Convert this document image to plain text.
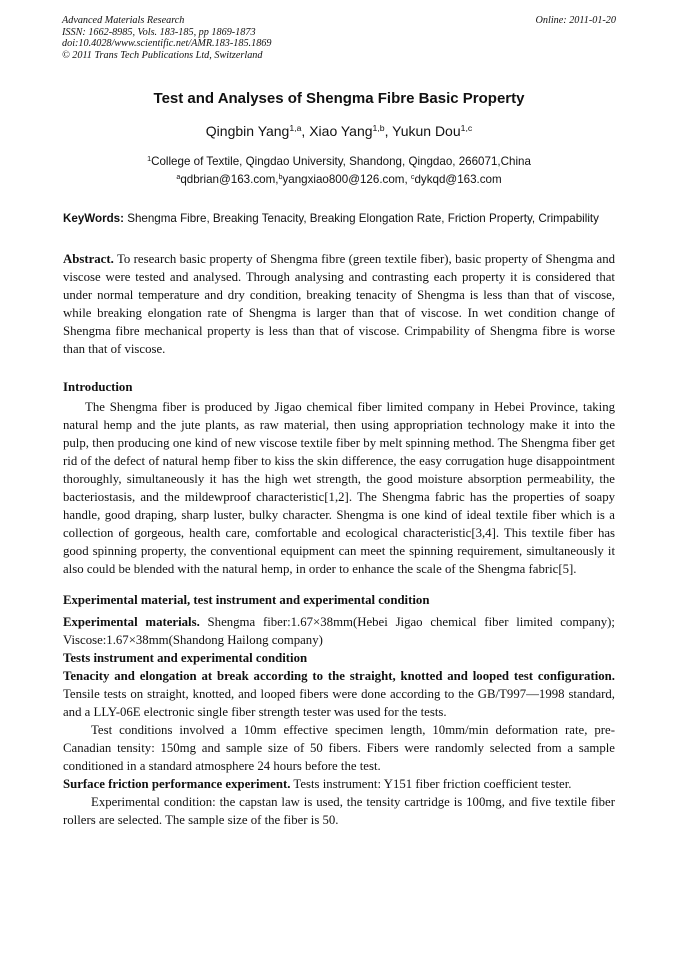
Advanced Materials Research
ISSN: 1662-8985, Vols. 183-185, pp 1869-1873
doi:10.4028/www.scientific.net/AMR.183-185.1869
© 2011 Trans Tech Publications Ltd, Switzerland
Online: 2011-01-20
Test and Analyses of Shengma Fibre Basic Property
Qingbin Yang$^{1,a}$, Xiao Yang$^{1,b}$, Yukun Dou$^{1,c}$
$^1$College of Textile, Qingdao University, Shandong, Qingdao, 266071,China
$^a$qdbrian@163.com,$^b$yangxiao800@126.com, $^c$dykqd@163.com
KeyWords: Shengma Fibre, Breaking Tenacity, Breaking Elongation Rate, Friction Property, Crimpability

Abstract. To research basic property of Shengma fibre (green textile fiber), basic property of Shengma and viscose were tested and analysed. Through analysing and contrasting each property it is considered that under normal temperature and dry condition, breaking tenacity of Shengma is less than that of viscose, while breaking elongation rate of Shengma is larger than that of viscose. In wet condition change of Shengma fibre mechanical property is less than that of viscose. Crimpability of Shengma fibre is worse than that of viscose.

Introduction

The Shengma fiber is produced by Jigao chemical fiber limited company in Hebei Province, taking natural hemp and the jute plants, as raw material, then using appropriation technology make it into the pulp, then producing one kind of new viscose textile fiber by melt spinning method. The Shengma fiber get rid of the defect of natural hemp fiber to kiss the skin difference, the easy corrugation huge disappointment thoroughly, simultaneously it has the high wet strength, the good moisture absorption permeability, the bacteriostasis, and the mildewproof characteristic[1,2]. The Shengma fabric has the properties of soapy handle, good draping, sharp luster, bulky character. Shengma is one kind of ideal textile fiber which is a collection of gorgeous, health care, comfortable and ecological characteristic[3,4]. This textile fiber has good spinning property, the conventional equipment can meet the spinning requirement, simultaneously it also could be blended with the natural hemp, in order to enhance the scale of the Shengma fabric[5].

Experimental material, test instrument and experimental condition

Experimental materials. Shengma fiber:1.67×38mm(Hebei Jigao chemical fiber limited company); Viscose:1.67×38mm(Shandong Hailong company)

Tests instrument and experimental condition

Tenacity and elongation at break according to the straight, knotted and looped test configuration. Tensile tests on straight, knotted, and looped fibers were done according to the GB/T997—1998 standard, and a LLY-06E electronic single fiber strength tester was used for the tests.

Test conditions involved a 10mm effective specimen length, 10mm/min deformation rate, pre-Canadian tensity: 150mg and sample size of 50 fibers. Fibers were randomly selected from a sample conditioned in a standard atmosphere 24 hours before the test.

Surface friction performance experiment. Tests instrument: Y151 fiber friction coefficient tester.

Experimental condition: the capstan law is used, the tensity cartridge is 100mg, and five textile fiber rollers are selected. The sample size of the fiber is 50.
